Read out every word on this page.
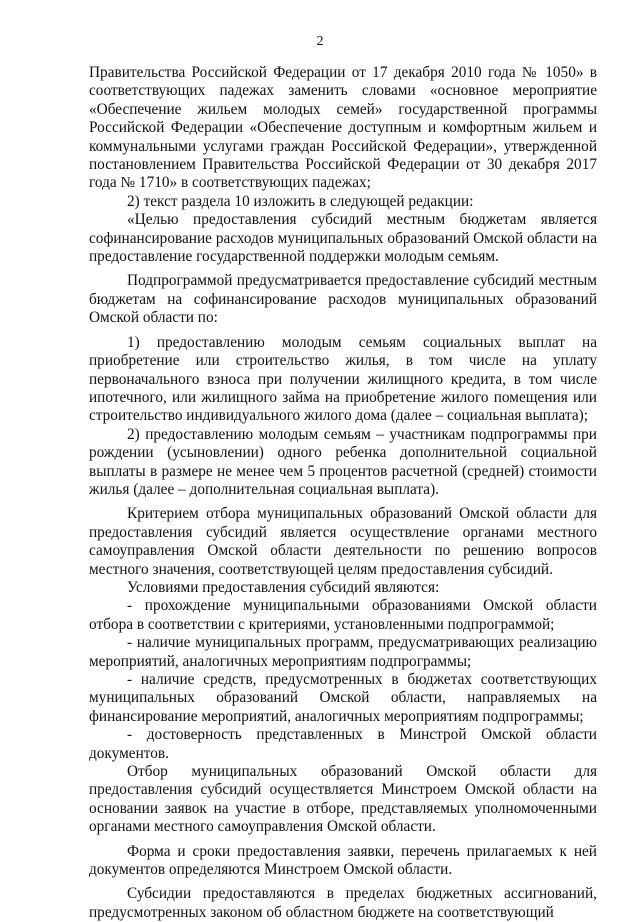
2

Правительства Российской Федерации от 17 декабря 2010 года № 1050» в соответствующих падежах заменить словами «основное мероприятие «Обеспечение жильем молодых семей» государственной программы Российской Федерации «Обеспечение доступным и комфортным жильем и коммунальными услугами граждан Российской Федерации», утвержденной постановлением Правительства Российской Федерации от 30 декабря 2017 года № 1710» в соответствующих падежах;

2) текст раздела 10 изложить в следующей редакции:

«Целью предоставления субсидий местным бюджетам является софинансирование расходов муниципальных образований Омской области на предоставление государственной поддержки молодым семьям.

Подпрограммой предусматривается предоставление субсидий местным бюджетам на софинансирование расходов муниципальных образований Омской области по:

1) предоставлению молодым семьям социальных выплат на приобретение или строительство жилья, в том числе на уплату первоначального взноса при получении жилищного кредита, в том числе ипотечного, или жилищного займа на приобретение жилого помещения или строительство индивидуального жилого дома (далее – социальная выплата);

2) предоставлению молодым семьям – участникам подпрограммы при рождении (усыновлении) одного ребенка дополнительной социальной выплаты в размере не менее чем 5 процентов расчетной (средней) стоимости жилья (далее – дополнительная социальная выплата).

Критерием отбора муниципальных образований Омской области для предоставления субсидий является осуществление органами местного самоуправления Омской области деятельности по решению вопросов местного значения, соответствующей целям предоставления субсидий.

Условиями предоставления субсидий являются:

- прохождение муниципальными образованиями Омской области отбора в соответствии с критериями, установленными подпрограммой;

- наличие муниципальных программ, предусматривающих реализацию мероприятий, аналогичных мероприятиям подпрограммы;

- наличие средств, предусмотренных в бюджетах соответствующих муниципальных образований Омской области, направляемых на финансирование мероприятий, аналогичных мероприятиям подпрограммы;

- достоверность представленных в Минстрой Омской области документов.

Отбор муниципальных образований Омской области для предоставления субсидий осуществляется Минстроем Омской области на основании заявок на участие в отборе, представляемых уполномоченными органами местного самоуправления Омской области.

Форма и сроки предоставления заявки, перечень прилагаемых к ней документов определяются Минстроем Омской области.

Субсидии предоставляются в пределах бюджетных ассигнований, предусмотренных законом об областном бюджете на соответствующий
